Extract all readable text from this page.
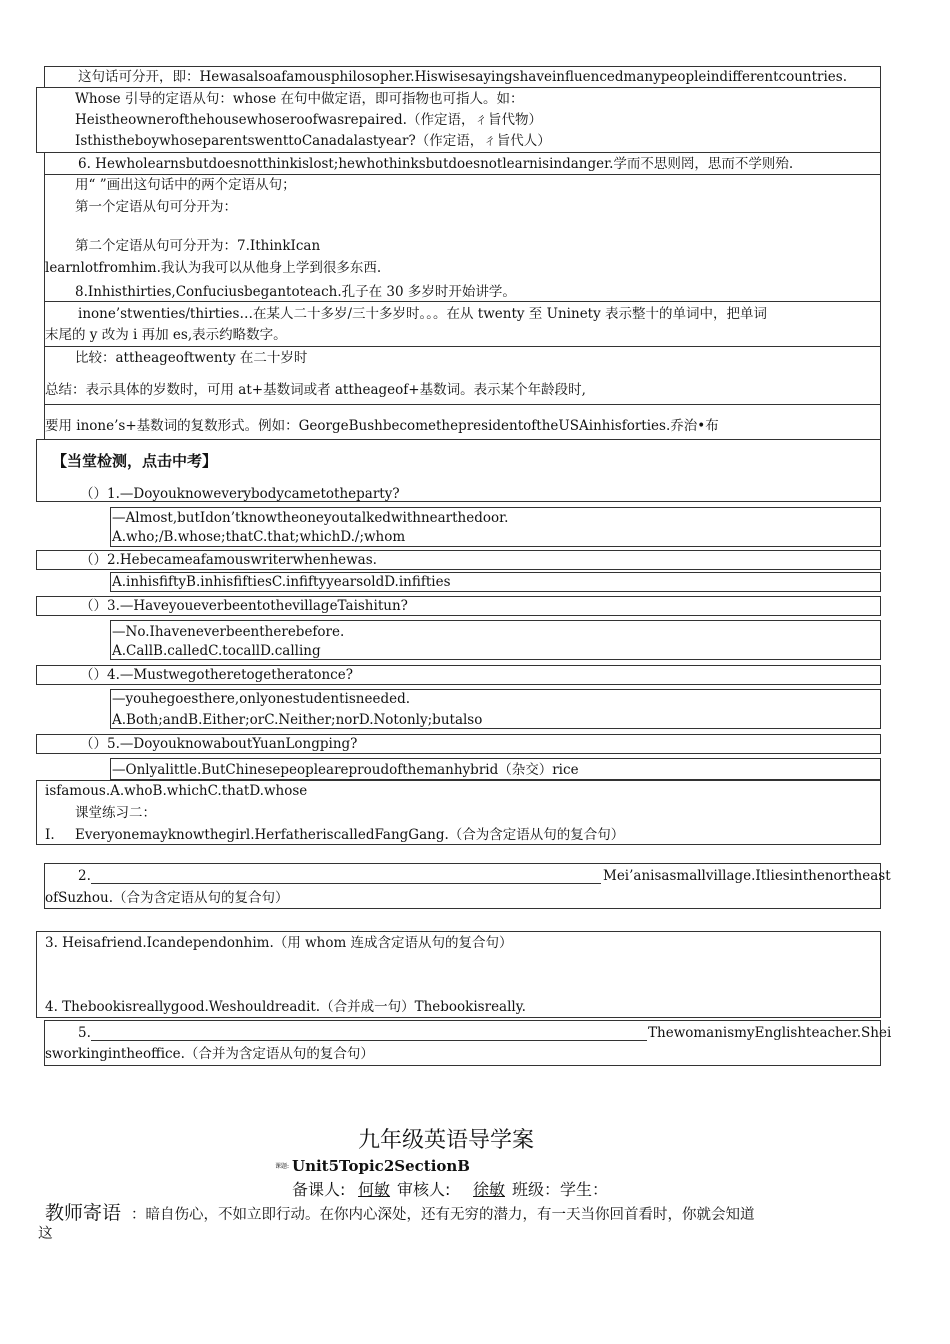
这句话可分开，即：Hewasalsoafamousphilosopher.Hiswisesayingshaveinfluencedmanypeopleindifferentcountries.
Whose 引导的定语从句：whose 在句中做定语，即可指物也可指人。如：
Heistheownerofthehousewhoseroofwasrepaired.（作定语，ㄔ旨代物）
IsthistheboywhoseparentswenttoCanadalastyear?（作定语，ㄔ旨代人）
6. Hewholearnsbutdoesnotthinkislost;hewhothinksbutdoesnotlearnisindanger.学而不思则罔，思而不学则殆.
用“ ”画出这句话中的两个定语从句；
第一个定语从句可分开为：
第二个定语从句可分开为：7.IthinkIcan
learnlotfromhim.我认为我可以从他身上学到很多东西.
8.Inhisthirties,Confuciusbegantoteach.孔子在 30 多岁时开始讲学。
inone’stwenties/thirties…在某人二十多岁/三十多岁时。。。在从 twenty 至 Uninety 表示整十的单词中，把单词
末尾的 y 改为 i 再加 es,表示约略数字。
比较：attheageoftwenty 在二十岁时
总结：表示具体的岁数时，可用 at+基数词或者 attheageof+基数词。表示某个年龄段时,
要用 inone’s+基数词的复数形式。例如：GeorgeBushbecomethepresidentoftheUSAinhisforties.乔治•布
【当堂检测，点击中考】
（）1.—Doyouknoweverybodycametotheparty?
—Almost,butIdon’tknowtheoneyoutalkedwithnearthedoor.
A.who;/B.whose;thatC.that;whichD./;whom
（）2.Hebecameafamouswriterwhenhewas.
A.inhisfiftyB.inhisfiftiesC.infiftyyearsoldD.infifties
（）3.—HaveyoueverbeentothevillageTaishitun?
—No.Ihaveneverbeentherebefore.
A.CallB.calledC.tocallD.calling
（）4.—Mustwegotheretogetheratonce?
—youhegoesthere,onlyonestudentisneeded.
A.Both;andB.Either;orC.Neither;norD.Notonly;butalso
（）5.—DoyouknowaboutYuanLongping?
—Onlyalittle.ButChinesepeopleareproudofthemanhybrid（杂交）rice
isfamous.A.whoB.whichC.thatD.whose
课堂练习二：
I. Everyonemayknowthegirl.HerfatheriscalledFangGang.（合为含定语从句的复合句）
2.	Mei’anisasmallvillage.Itliesinthenortheast
ofSuzhou.（合为含定语从句的复合句）
3. Heisafriend.Icandependonhim.（用 whom 连成含定语从句的复合句）
4. Thebookisreallygood.Weshouldreadit.（合并成一句）Thebookisreally.
5.	ThewomanismyEnglishteacher.Shei
sworkingintheoffice.（合并为含定语从句的复合句）
九年级英语导学案
课题: Unit5Topic2SectionB
备课人: 何敏 审核人: 徐敏 班级：学生：
教师寄语 ：暗自伤心，不如立即行动。在你内心深处，还有无穷的潜力，有一天当你回首看时，你就会知道
这
